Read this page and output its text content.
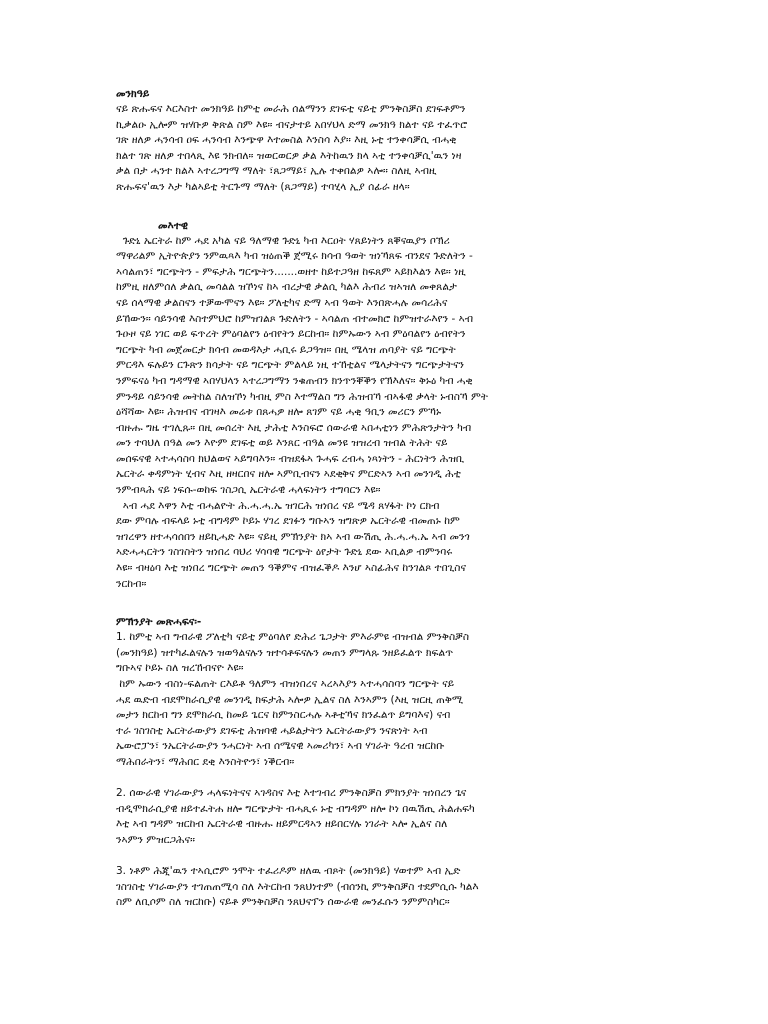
መንክዓይ

ናይ ጽሑፍና እርእስተ መንክዓይ ከምቲ መራሕ ሰልማንን ደገፍቲ ናይቲ ምንቅስቓስ ደገፍቶምን
ኪቃልዑ ኢሎም ዝሃቡዎ ቅጽል ስም እዩ። ብናታተይ አበሃህላ ድማ መንክዓ ክልተ ናይ ተፈጥሮ
ገጽ ዘለዎ ሓንሳብ ዐፍ ሓንሳብ እንጭዋ እተመስል እንስሳ እያ። እዚ ኑቲ ተንቀሳቓሲ ብሓቂ
ክልተ ገጽ ዘለዎ ተበላጺ እዩ ንክብለ። ዝወርወርዎ ቃል እትከዉን ክላ ኣቲ ተንቀሳቓሲ'ዉን ነዛ
ቃል በታ ሓንተ ክልእ ኣተረጋግማ ማለት ፣ጸጋማይ፣ ኢሉ ተቀበልዎ ኣሎ። ስለዚ ኣብዚ
ጽሑፍና'ዉን እታ ካልኣይቲ ትርጉማ ማለት (ጸጋማይ) ተባሂላ ኢያ ሰፊራ ዘላ።

መእተዊ

ጉድኒ ኤርትራ ከም ሓደ አካል ናይ ዓለማዊ ጉድኒ ካብ እርዐት ሃጸይነትን ጸቐናዉያን ቦኽሪ
ማዋሪልም ኢትዮጵያን ንምዉጻእ ካብ ዝዕጠቕ ጀሚሩ ክሳብ ዓወት ዝነኻጸፍ ብንደና ጉድለትን -
ኣሳልጠን፣ ግርጭትን - ምፍታሕ ግርጭትን.......ወዘተ ከይተጋዓዘ ከፍጸም ኣይክእልን እዩ። ነዚ
ከምዚ ዘለምሰለ ቃልሲ መሳልል ዝኾነና ከኣ ብረታዊ ቃልሲ ካልእ ሕብሪ ዝኣዝለ መቀጸልታ
ናይ ሰላማዊ ቃልስናን ተቓውሞናን እዩ። ፖለቲካና ድማ ኣብ ዓወት እንበጽሓሉ መሳሪሕና
ይኸውን። ሳይንሳዊ እስተምህሮ ከምዝገልጾ ጉድለትን - ኣሳልጠ ብተመክሮ ከምዝተራእየን - ኣብ
ጉዑዞ ናይ ነገር ወይ ፍጥረት ምዕባልየን ዕብየትን ይርከብ። ከምኡውን ኣብ ምዕባልየን ዕብየትን
ግርጭት ካብ መጀመርታ ክሳብ መወዳእታ ሓቢሩ ይጋዓዝ። በዚ ሜላዝ ጠባያት ናይ ግርጭት
ምርዳእ ፍሉይን ርጉጽን ክሳታት ናይ ግርጭት ምልላይ ነዚ ተኸቲልና ሜላታትናን ግርጭታትናን
ንምፍናዕ ካብ ግዳማዊ ኣበሃህላን ኣተረጋግማን ንቁጠብን ክንጥንቐቕን የኽእለና። ቅኑዕ ካብ ሓቂ
ምንዳይ ሳይንሳዊ መትከል ስለዝኾነ ካብዚ ምስ እተማልስ ግን ሕዝብኻ ብኣፋዊ ቃላት ኑብስኻ ምት
ዕሻሻው እዩ። ሕዝብና ብገዛእ መሬቱ በጸሓዎ ዘሎ ጸገም ናይ ሓቂ ዓቢን መሪርን ምኻኑ
ብዙሑ ግዜ ተገሊጹ። በዚ መሰረት እዚ ታሕቲ እንስፍሮ ሰውራዊ ኣበሓቲነን ምሕጽንታትን ካብ
መን ተባህለ በዓል መን እዮም ደገፍቲ ወይ እንጸር ብዓል መንዩ ዝዝረብ ዝብል ትሕት ናይ
መሰፍናዊ ኣተሓሳስባ ክህልወና ኣይግባእን። ብዝደፋኣ ጉሓፍ ረብሓ ነጻነትን - ሕርነትን ሕዝቢ
ኤርትራ ቀዳምነት ሂብና እዚ ዘዛርበና ዘሎ ኣምቢብናን ኣደቂቅና ምርድኣን ኣብ መንገዲ ሕቲ
ንምብጻሕ ናይ ነፍሱ-ወከፍ ገስጋሲ ኤርትራዊ ሓላፍነትን ተግባርን እዩ።
ኣብ ሓደ እዋን እቲ ብሓልዮት ሕ.ሓ.ሓ.ኤ ዝገርሕ ዝነበረ ናይ ሜዳ ጸሃፋት ኮነ ርክብ
ደው ምባሉ ብፍላይ ኑቲ ብግዳም ኮይኑ ሃገረ ደገፉን ግቡኣን ዝግጽዎ ኤርትራዊ ብመጠኑ ከም
ዝገረዋን ዘተሓሳሰበን ዘይኪሓድ እዩ። ናይዚ ምኽንያት ክኣ ኣብ ውሽጢ ሕ.ሓ.ሓ.ኤ ኣብ መንጎ
ኣድሓሓርትን ገስገስትን ዝነበረ ባህሪ ሃሳባዊ ግርጭት ዕየታት ጉድኒ ደው ኣቢልዎ ብምንባሩ
እዩ። ብዛዕባ እቲ ዝነበረ ግርጭት መጠን ዓቕምና ብዝፈቕዶ እንሆ ኣስፊሕና ከንገልጾ ተበጊስና
ንርከብ።

ምኽንያት መጽሓፍና፡-

1. ከምቲ ኣብ ግብራዊ ፖለቲካ ናይቲ ምዕባለየ ድሕሪ ጌጋታት ምእራምዩ ብዝብል ምንቅስቓስ
(መንክዓይ) ዝተካፈልናሉን ዝወዓልናሉን ዝተሳቶፍናሉን መጠን ምግላጹ ንዘይፈልጥ ክፍልጥ
ግቡኣና ኮይኑ ስለ ዝረኸብናዮ እዩ።
ከም ኡውን ብስነ-ፍልጠት ርእይቶ ዓለምን ብዝነበረና ኣረኣእያን ኣተሓሳስባን ግርጭት ናይ
ሓደ ዉድብ ብደሞክራሲያዊ መንገዲ ክፍታሕ ኣሎዎ ኢልና ስለ እንኣምን (እዚ ዝርዚ ጠቅሚ
መታን ክርከብ ግን ደሞክራሲ ከመይ ጌርና ከምንስርሓሉ ኣቶቲኻና ክንፈልጥ ይግባእና) ናብ
ተራ ገስገስቲ ኤርትራውያን ደገፍቲ ሕዝባዊ ሓይልታትን ኤርትራውያን ንናጽነት ኣብ
ኤውሮፓን፣ ንኤርትራውያን ንሓርነት ኣብ ሰሜናዊ ኣመሪካን፣ ኣብ ሃገራት ዓረብ ዝርከቡ
ማሕበራትን፣ ማሕበር ደቂ እንስትዮን፣ ነቕርብ።

2. ሰውራዊ ሃገራውያን ሓላፍነትናና ኣገዳስና እቲ እተገብረ ምንቅስቓስ ምክንያት ዝነበረን ጌና
ብዲሞክራሲያዊ ዘይተፈትሐ ዘሎ ግርጭታት ብሓጺሩ ኑቲ ብግዳም ዘሎ ኮነ በዉሽጢ ሕልሐፍካ
እቲ ኣብ ግዳም ዝርከብ ኤርትራዊ ብዙሑ ዘይምርዳኣን ዘይበርሃሉ ነገራት ኣሎ ኢልና ስለ
ንኣምን ምዝርጋሕና።

3. ነቶም ሕጂ'ዉን ተኣሲሮም ንሞት ተፈሪዶም ዘለዉ ብጾት (መንክዓይ) ሃወተም ኣብ ኢድ
ገስገስቲ ሃገራውያን ተገጠጠሚሳ ስለ እትርከብ ንጸህነተም (ብሰንኪ ምንቅስቓስ ተደምሲሱ ካልእ
ስም ለቢሶም ስለ ዝርከቡ) ናይቶ ምንቅስቓስ ንጸህናፕን ሰውራዊ መንፈሱን ንምምስካር።
